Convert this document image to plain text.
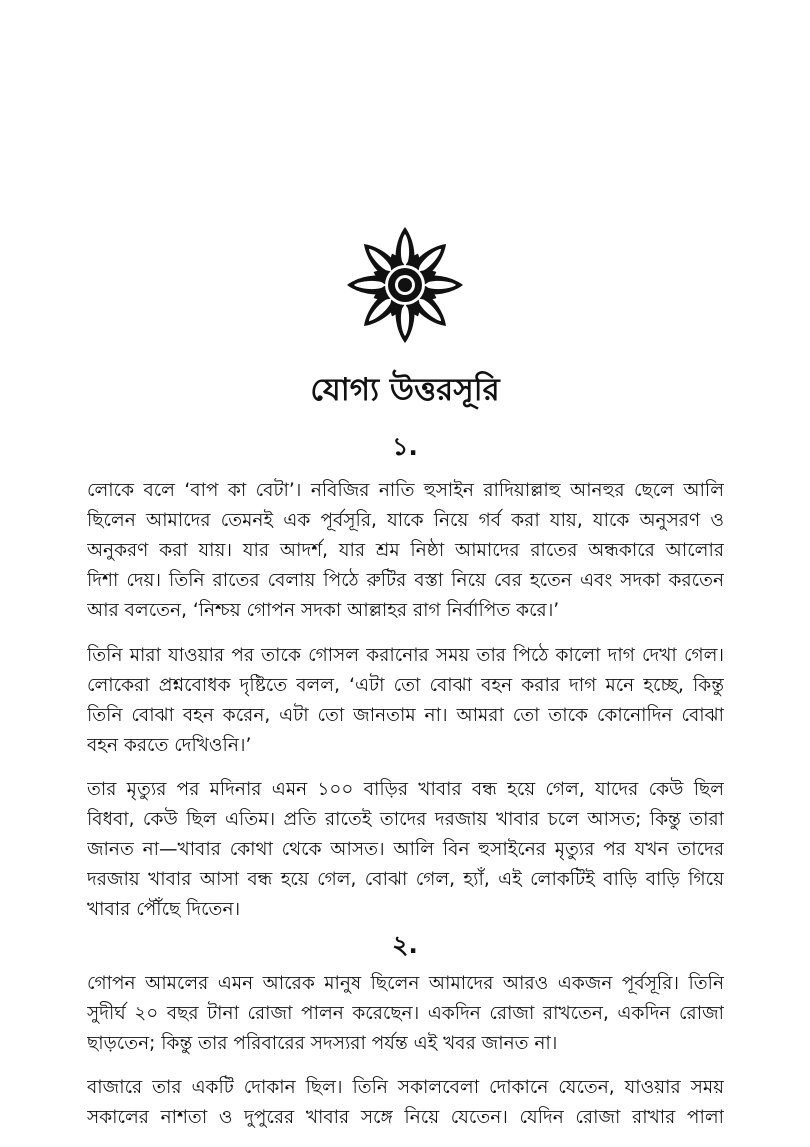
যোগ্য উত্তরসূরি
১.

লোকে বলে ‘বাপ কা বেটা’। নবিজির নাতি হুসাইন রাদিয়াল্লাহু আনহুর ছেলে আলি
ছিলেন আমাদের তেমনই এক পূর্বসূরি, যাকে নিয়ে গর্ব করা যায়, যাকে অনুসরণ ও
অনুকরণ করা যায়। যার আদর্শ, যার শ্রম নিষ্ঠা আমাদের রাতের অন্ধকারে আলোর
দিশা দেয়। তিনি রাতের বেলায় পিঠে রুটির বস্তা নিয়ে বের হতেন এবং সদকা করতেন
আর বলতেন, ‘নিশ্চয় গোপন সদকা আল্লাহর রাগ নির্বাপিত করে।’

তিনি মারা যাওয়ার পর তাকে গোসল করানোর সময় তার পিঠে কালো দাগ দেখা গেল।
লোকেরা প্রশ্নবোধক দৃষ্টিতে বলল, ‘এটা তো বোঝা বহন করার দাগ মনে হচ্ছে, কিন্তু
তিনি বোঝা বহন করেন, এটা তো জানতাম না। আমরা তো তাকে কোনোদিন বোঝা
বহন করতে দেখিওনি।’

তার মৃত্যুর পর মদিনার এমন ১০০ বাড়ির খাবার বন্ধ হয়ে গেল, যাদের কেউ ছিল
বিধবা, কেউ ছিল এতিম। প্রতি রাতেই তাদের দরজায় খাবার চলে আসত; কিন্তু তারা
জানত না—খাবার কোথা থেকে আসত। আলি বিন হুসাইনের মৃত্যুর পর যখন তাদের
দরজায় খাবার আসা বন্ধ হয়ে গেল, বোঝা গেল, হ্যাঁ, এই লোকটিই বাড়ি বাড়ি গিয়ে
খাবার পৌঁছে দিতেন।

২.

গোপন আমলের এমন আরেক মানুষ ছিলেন আমাদের আরও একজন পূর্বসূরি। তিনি
সুদীর্ঘ ২০ বছর টানা রোজা পালন করেছেন। একদিন রোজা রাখতেন, একদিন রোজা
ছাড়তেন; কিন্তু তার পরিবারের সদস্যরা পর্যন্ত এই খবর জানত না।

বাজারে তার একটি দোকান ছিল। তিনি সকালবেলা দোকানে যেতেন, যাওয়ার সময়
সকালের নাশতা ও দুপুরের খাবার সঙ্গে নিয়ে যেতেন। যেদিন রোজা রাখার পালা
